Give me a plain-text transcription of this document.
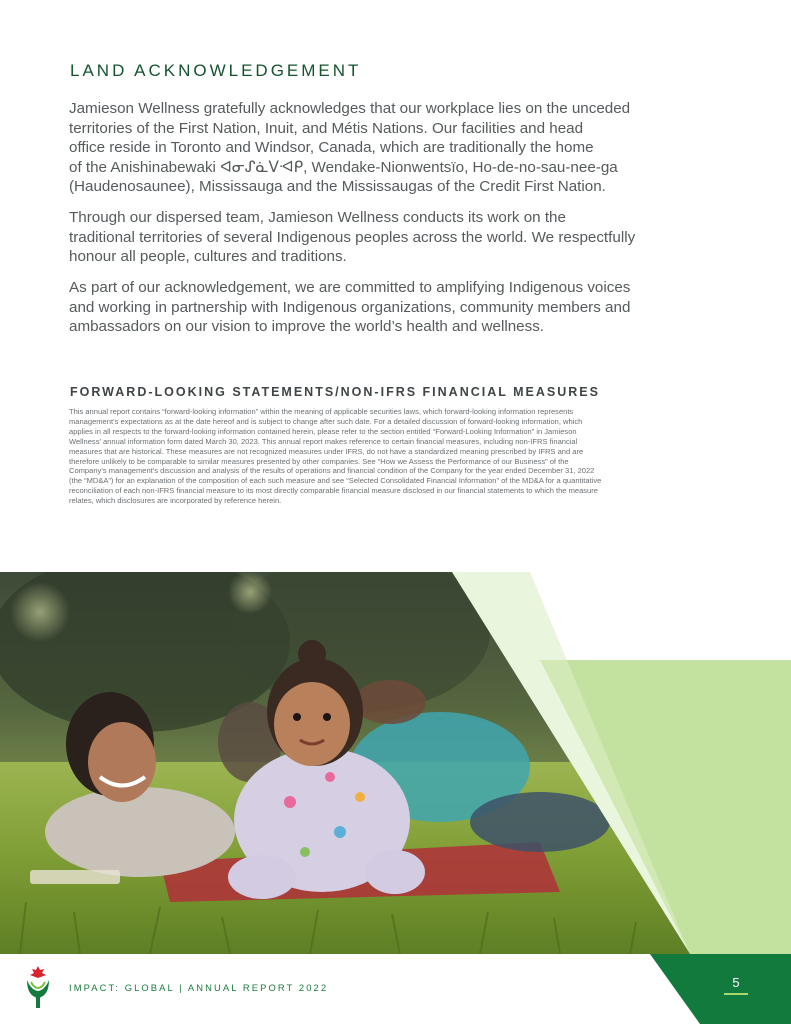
LAND ACKNOWLEDGEMENT

Jamieson Wellness gratefully acknowledges that our workplace lies on the unceded
territories of the First Nation, Inuit, and Métis Nations. Our facilities and head
office reside in Toronto and Windsor, Canada, which are traditionally the home
of the Anishinabewaki ᐊᓂᔑᓈᐯᐗᑭ, Wendake-Nionwentsïo, Ho-de-no-sau-nee-ga
(Haudenosaunee), Mississauga and the Mississaugas of the Credit First Nation.

Through our dispersed team, Jamieson Wellness conducts its work on the
traditional territories of several Indigenous peoples across the world. We respectfully
honour all people, cultures and traditions.

As part of our acknowledgement, we are committed to amplifying Indigenous voices
and working in partnership with Indigenous organizations, community members and
ambassadors on our vision to improve the world’s health and wellness.

FORWARD-LOOKING STATEMENTS/NON-IFRS FINANCIAL MEASURES

This annual report contains “forward-looking information” within the meaning of applicable securities laws, which forward-looking information represents
management’s expectations as at the date hereof and is subject to change after such date. For a detailed discussion of forward-looking information, which
applies in all respects to the forward-looking information contained herein, please refer to the section entitled “Forward-Looking Information” in Jamieson
Wellness’ annual information form dated March 30, 2023. This annual report makes reference to certain financial measures, including non-IFRS financial
measures that are historical. These measures are not recognized measures under IFRS, do not have a standardized meaning prescribed by IFRS and are
therefore unlikely to be comparable to similar measures presented by other companies. See “How we Assess the Performance of our Business” of the
Company’s management’s discussion and analysis of the results of operations and financial condition of the Company for the year ended December 31, 2022
(the “MD&A”) for an explanation of the composition of each such measure and see “Selected Consolidated Financial Information” of the MD&A for a quantitative
reconciliation of each non-IFRS financial measure to its most directly comparable financial measure disclosed in our financial statements to which the measure
relates, which disclosures are incorporated by reference herein.

IMPACT: GLOBAL | ANNUAL REPORT 2022	5
